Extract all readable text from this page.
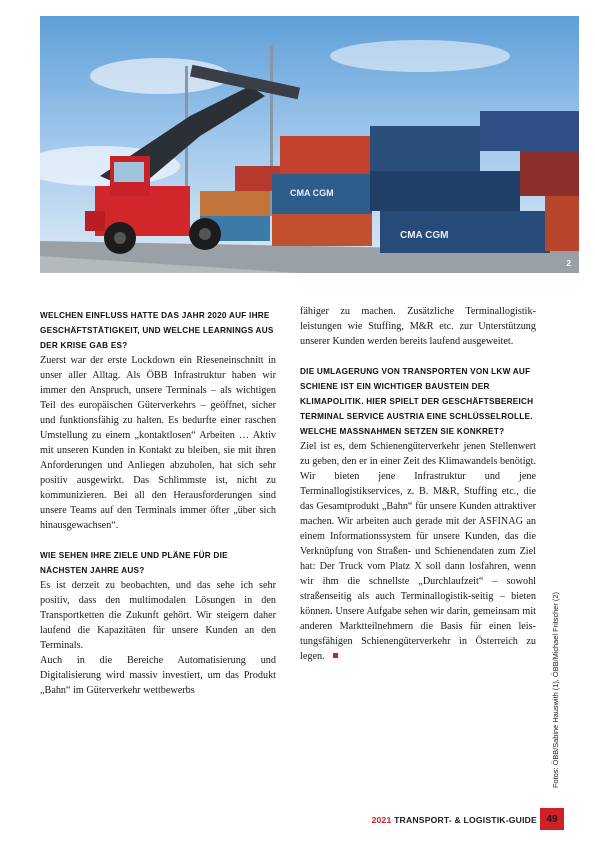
CMA CGM
CMA CGM
2
WELCHEN EINFLUSS HATTE DAS JAHR 2020 AUF IHRE GESCHÄFTSTÄTIGKEIT, UND WELCHE LEARNINGS AUS DER KRISE GAB ES?

Zuerst war der erste Lockdown ein Rieseneinschnitt in unser aller Alltag. Als ÖBB Infrastruktur haben wir immer den Anspruch, unsere Terminals – als wichtigen Teil des europäischen Güterverkehrs – geöffnet, sicher und funktionsfähig zu halten. Es bedurfte einer raschen Umstellung zu einem „kontaktlosen“ Arbeiten … Aktiv mit unseren Kunden in Kontakt zu bleiben, sie mit ihren Anforderungen und Anliegen abzuholen, hat sich sehr positiv ausgewirkt. Das Schlimmste ist, nicht zu kommunizieren. Bei all den Herausforderungen sind unsere Teams auf den Terminals immer öfter „über sich hinausgewachsen“.

WIE SEHEN IHRE ZIELE UND PLÄNE FÜR DIE NÄCHSTEN JAHRE AUS?

Es ist derzeit zu beobachten, und das sehe ich sehr positiv, dass den multimodalen Lösungen in den Transportketten die Zukunft gehört. Wir steigern daher laufend die Kapazitäten für unsere Kunden an den Terminals.

Auch in die Bereiche Automatisierung und Digitalisierung wird massiv investiert, um das Produkt „Bahn“ im Güterverkehr wettbewerbs

fähiger zu machen. Zusätzliche Terminallogistikleistungen wie Stuffing, M&R etc. zur Unterstützung unserer Kunden werden bereits laufend ausgeweitet.

DIE UMLAGERUNG VON TRANSPORTEN VON LKW AUF SCHIENE IST EIN WICHTIGER BAUSTEIN DER KLIMAPOLITIK. HIER SPIELT DER GESCHÄFTSBEREICH TERMINAL SERVICE AUSTRIA EINE SCHLÜSSELROLLE. WELCHE MASSNAHMEN SETZEN SIE KONKRET?

Ziel ist es, dem Schienengüterverkehr jenen Stellenwert zu geben, den er in einer Zeit des Klimawandels benötigt. Wir bieten jene Infrastruktur und jene Terminallogistikservices, z. B. M&R, Stuffing etc., die das Gesamtprodukt „Bahn“ für unsere Kunden attraktiver machen. Wir arbeiten auch gerade mit der ASFINAG an einem Informationssystem für unsere Kunden, das die Verknüpfung von Straßen- und Schienendaten zum Ziel hat: Der Truck vom Platz X soll dann losfahren, wenn wir ihm die schnellste „Durchlaufzeit“ – sowohl straßenseitig als auch Terminallogistik-seitig – bieten können. Unsere Aufgabe sehen wir darin, gemeinsam mit anderen Marktteilnehmern die Basis für einen leistungsfähigen Schienengüterverkehr in Österreich zu legen.	Fotos: ÖBB/Sabine Hauswith (1), ÖBB/Michael Fritscher (2)
2021 TRANSPORT- & LOGISTIK-GUIDE 49
